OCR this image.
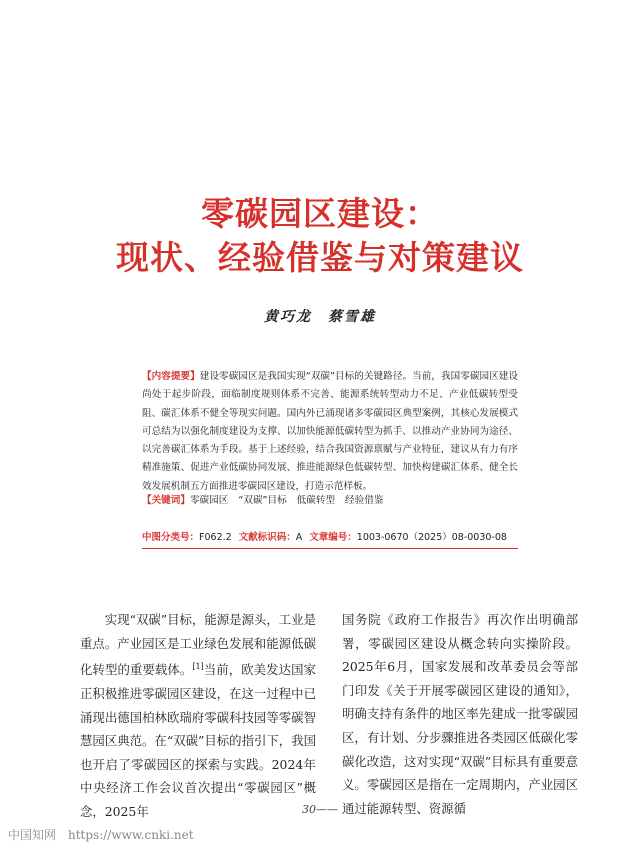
零碳园区建设：
现状、经验借鉴与对策建议
黄巧龙　蔡雪雄
【内容提要】建设零碳园区是我国实现“双碳”目标的关键路径。当前，我国零碳园区建设尚处于起步阶段，面临制度规则体系不完善、能源系统转型动力不足、产业低碳转型受阻、碳汇体系不健全等现实问题。国内外已涌现诸多零碳园区典型案例，其核心发展模式可总结为以强化制度建设为支撑、以加快能源低碳转型为抓手、以推动产业协同为途径、以完善碳汇体系为手段。基于上述经验，结合我国资源禀赋与产业特征，建议从有力有序精准施策、促进产业低碳协同发展、推进能源绿色低碳转型、加快构建碳汇体系、健全长效发展机制五方面推进零碳园区建设，打造示范样板。
【关键词】零碳园区 “双碳”目标 低碳转型 经验借鉴
中图分类号：F062.2 文献标识码：A 文章编号：1003-0670（2025）08-0030-08

实现“双碳”目标，能源是源头，工业是重点。产业园区是工业绿色发展和能源低碳化转型的重要载体。[1]当前，欧美发达国家正积极推进零碳园区建设，在这一过程中已涌现出德国柏林欧瑞府零碳科技园等零碳智慧园区典范。在“双碳”目标的指引下，我国也开启了零碳园区的探索与实践。2024年中央经济工作会议首次提出“零碳园区”概念，2025年

国务院《政府工作报告》再次作出明确部署，零碳园区建设从概念转向实操阶段。2025年6月，国家发展和改革委员会等部门印发《关于开展零碳园区建设的通知》，明确支持有条件的地区率先建成一批零碳园区，有计划、分步骤推进各类园区低碳化零碳化改造，这对实现“双碳”目标具有重要意义。零碳园区是指在一定周期内，产业园区通过能源转型、资源循

30——
中国知网　https://www.cnki.net
